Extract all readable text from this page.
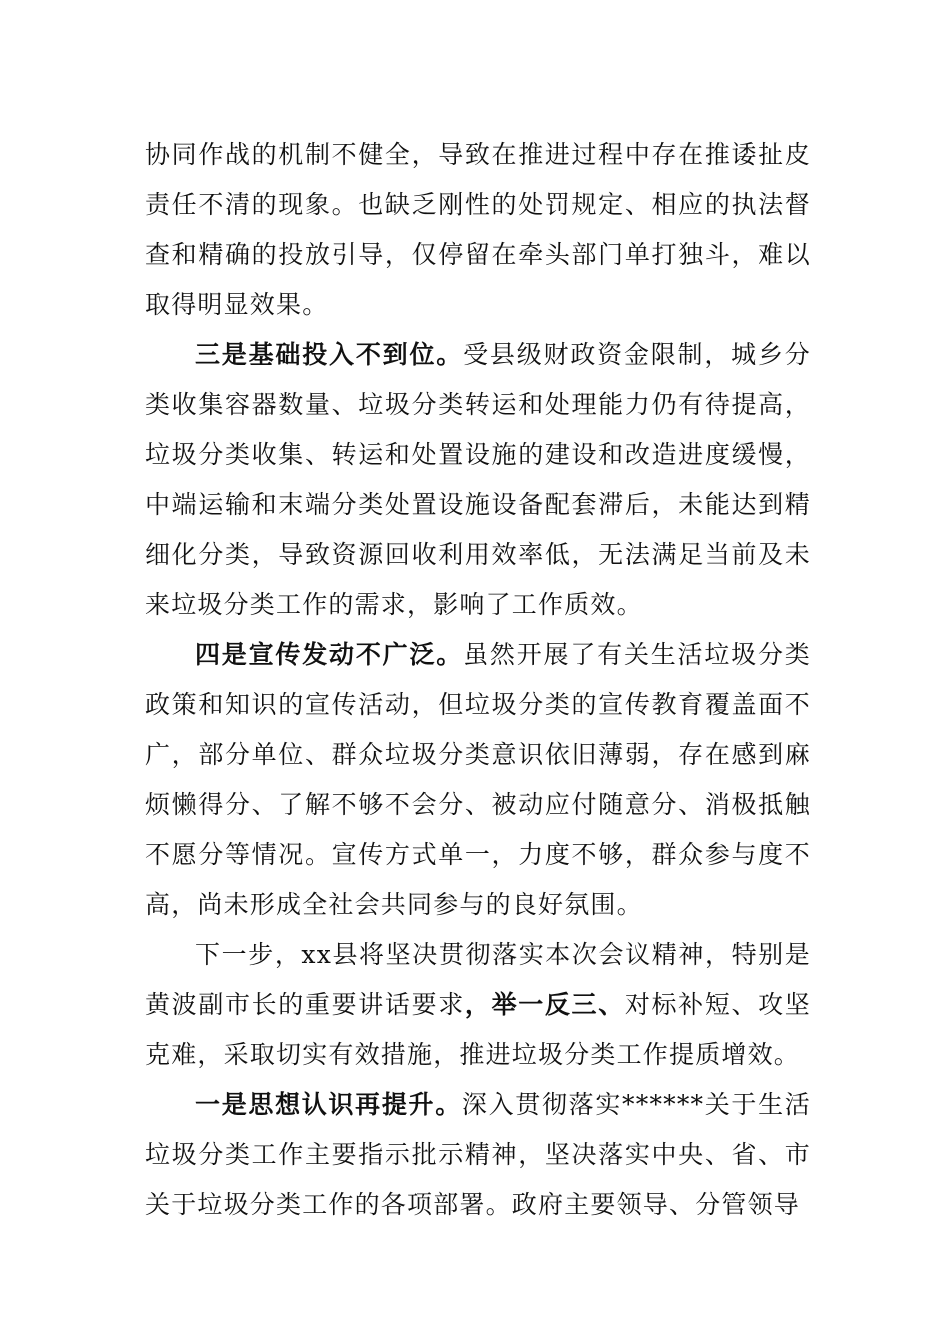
协同作战的机制不健全，导致在推进过程中存在推诿扯皮责任不清的现象。也缺乏刚性的处罚规定、相应的执法督查和精确的投放引导，仅停留在牵头部门单打独斗，难以取得明显效果。

三是基础投入不到位。受县级财政资金限制，城乡分类收集容器数量、垃圾分类转运和处理能力仍有待提高，垃圾分类收集、转运和处置设施的建设和改造进度缓慢，中端运输和末端分类处置设施设备配套滞后，未能达到精细化分类，导致资源回收利用效率低，无法满足当前及未来垃圾分类工作的需求，影响了工作质效。

四是宣传发动不广泛。虽然开展了有关生活垃圾分类政策和知识的宣传活动，但垃圾分类的宣传教育覆盖面不广，部分单位、群众垃圾分类意识依旧薄弱，存在感到麻烦懒得分、了解不够不会分、被动应付随意分、消极抵触不愿分等情况。宣传方式单一，力度不够，群众参与度不高，尚未形成全社会共同参与的良好氛围。

下一步，xx县将坚决贯彻落实本次会议精神，特别是黄波副市长的重要讲话要求，举一反三、对标补短、攻坚克难，采取切实有效措施，推进垃圾分类工作提质增效。

一是思想认识再提升。深入贯彻落实******关于生活垃圾分类工作主要指示批示精神，坚决落实中央、省、市关于垃圾分类工作的各项部署。政府主要领导、分管领导
